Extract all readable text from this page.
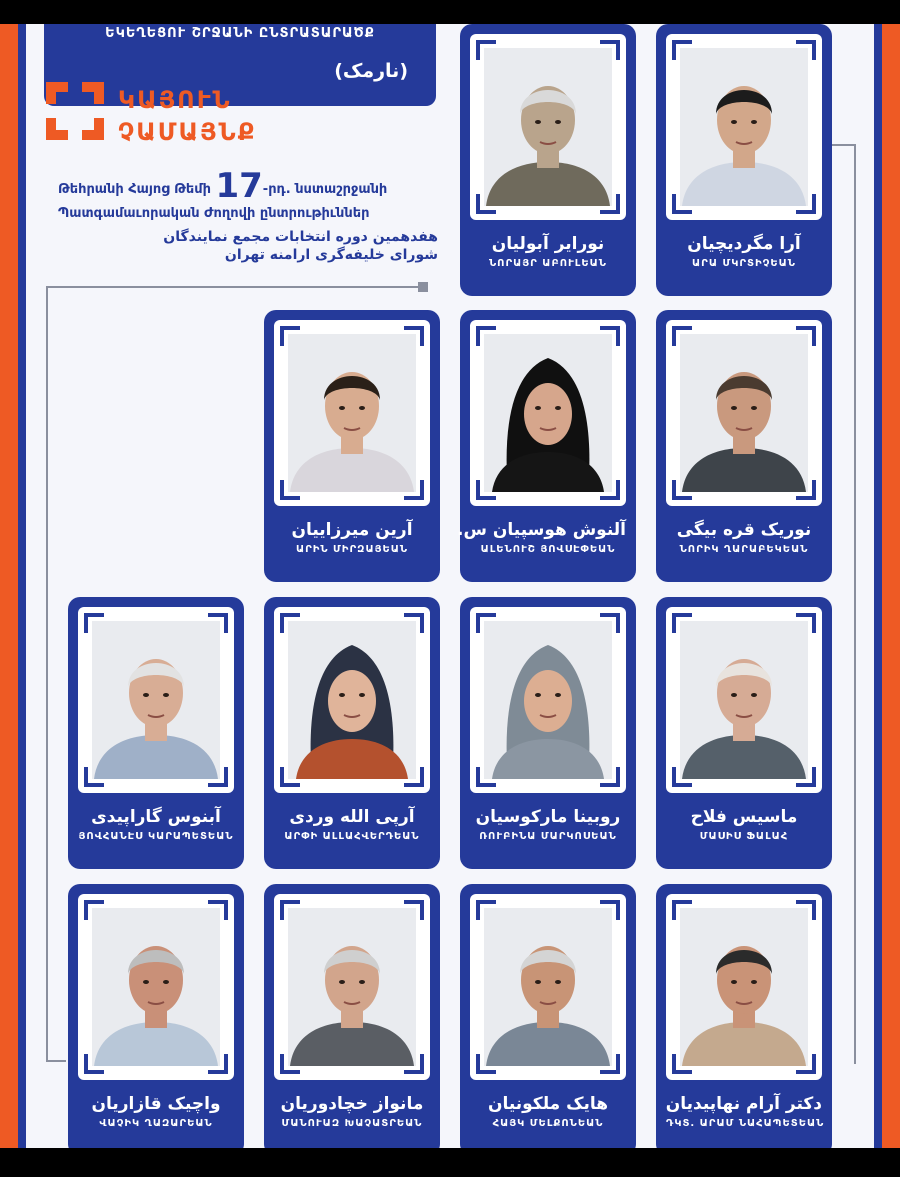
ԵԿԵՂԵՑՈՒ ՇՐՋԱՆԻ ԸՆՏՐԱՏԱՐԱԾՔ
(نارمک)
ԿԱՅՈՒՆ
ՉԱՄԱՅՆՔ
Թեհրանի Հայոց Թեմի 17-րդ. նստաշրջանի
Պատգամաւորական Ժողովի ընտրութիւններ
هفدهمین دوره انتخابات مجمع نمایندگان
شورای خلیفه‌گری ارامنه تهران
نورایر آبولیان
ՆՈՐԱՅՐ ԱԲՈՒԼԵԱՆ
آرا مگردیچیان
ԱՐԱ ՄԿՐՏԻՉԵԱՆ
آرین میرزاییان
ԱՐԻՆ ՄԻՐԶԱՅԵԱՆ
آلنوش هوسپیان س.
ԱԼԵՆՈՒՇ ՅՈՎՍԷՓԵԱՆ
نوریک قره بیگی
ՆՈՐԻԿ ՂԱՐԱԲԵԿԵԱՆ
آبنوس گاراپیدی
ՅՈՎՀԱՆԷՍ ԿԱՐԱՊԵՏԵԱՆ
آرپی الله وردی
ԱՐՓԻ ԱԼԼԱՀՎԵՐԴԵԱՆ
روبینا مارکوسیان
ՌՈՒԲԻՆԱ ՄԱՐԿՈՍԵԱՆ
ماسیس فلاح
ՄԱՍԻՍ ՖԱԼԱՀ
واچیک قازاریان
ՎԱՉԻԿ ՂԱԶԱՐԵԱՆ
مانواز خچادوریان
ՄԱՆՈՒԱԶ ԽԱՉԱՏՐԵԱՆ
هایک ملکونیان
ՀԱՅԿ ՄԵԼՔՈՆԵԱՆ
دکتر آرام نهاپیدیان
ԴԿՏ. ԱՐԱՄ ՆԱՀԱՊԵՏԵԱՆ
